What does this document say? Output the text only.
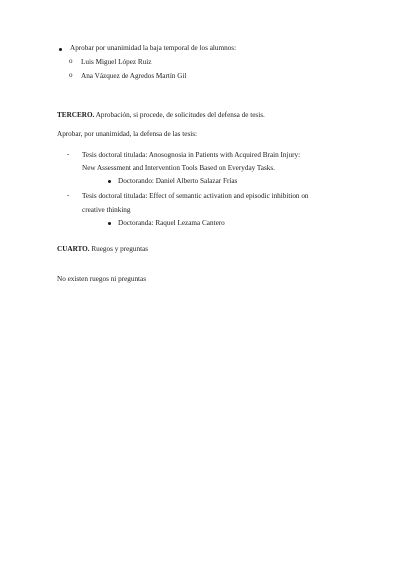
Aprobar por unanimidad la baja temporal de los alumnos:
o Luis Miguel López Ruiz
o Ana Vázquez de Agredos Martín Gil
TERCERO. Aprobación, si procede, de solicitudes del defensa de tesis.
Aprobar, por unanimidad, la defensa de las tesis:
- Tesis doctoral titulada: Anosognosia in Patients with Acquired Brain Injury:
New Assessment and Intervention Tools Based on Everyday Tasks.
Doctorando: Daniel Alberto Salazar Frías
- Tesis doctoral titulada: Effect of semantic activation and episodic inhibition on
creative thinking
Doctoranda: Raquel Lezama Cantero
CUARTO. Ruegos y preguntas
No existen ruegos ni preguntas
